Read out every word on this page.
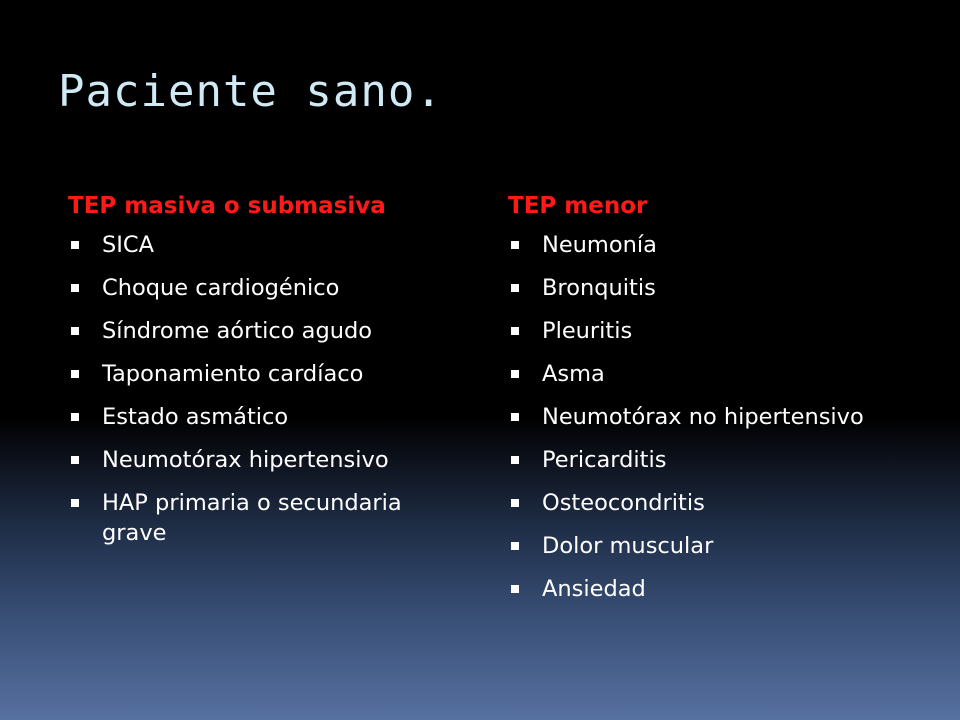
Paciente sano.
TEP masiva o submasiva
SICA
Choque cardiogénico
Síndrome aórtico agudo
Taponamiento cardíaco
Estado asmático
Neumotórax hipertensivo
HAP primaria o secundaria grave
TEP menor
Neumonía
Bronquitis
Pleuritis
Asma
Neumotórax no hipertensivo
Pericarditis
Osteocondritis
Dolor muscular
Ansiedad
